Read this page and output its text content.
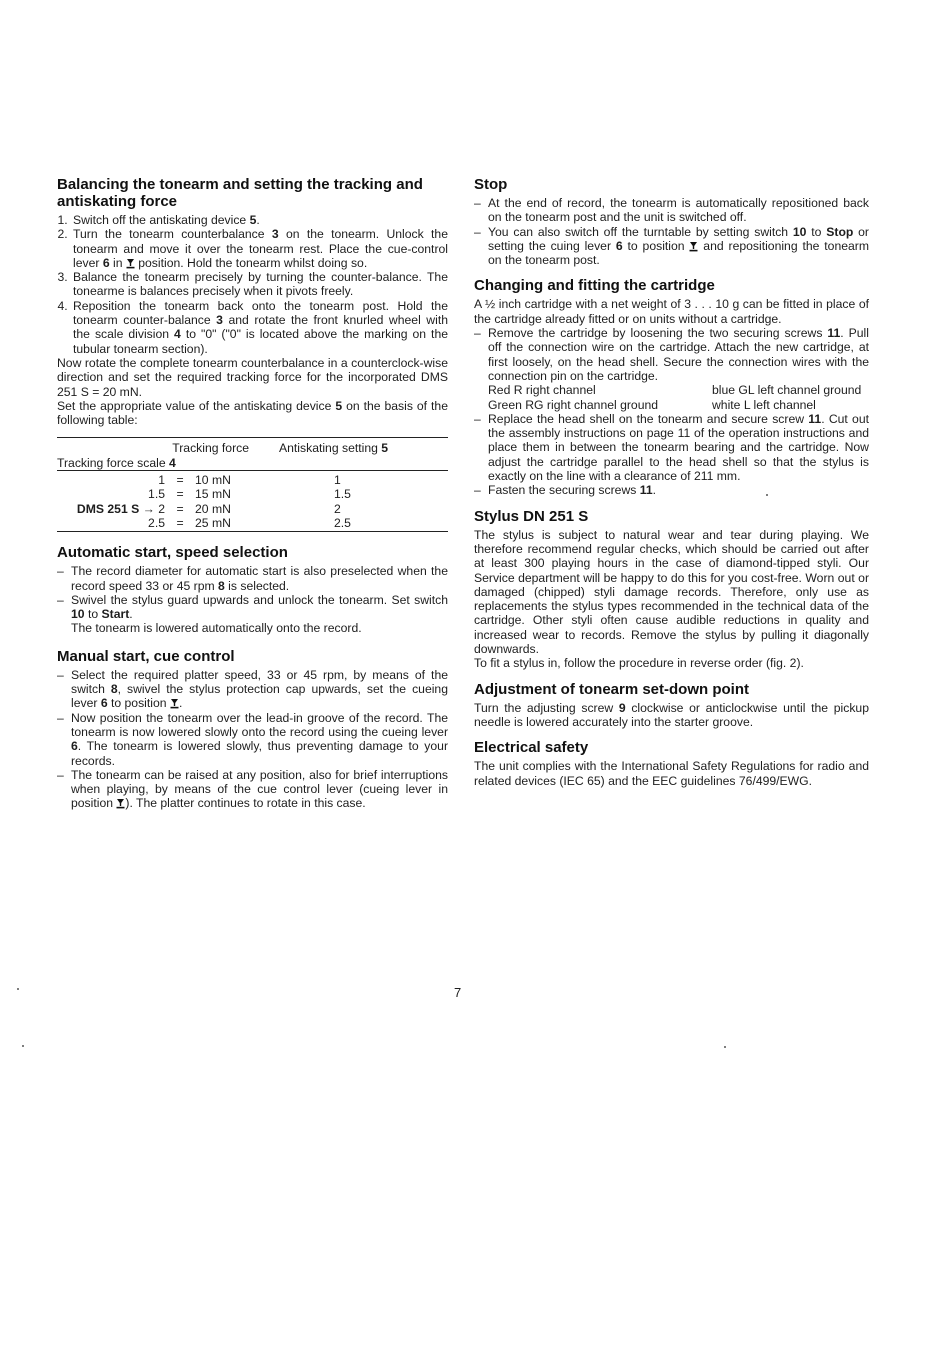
Balancing the tonearm and setting the tracking and antiskating force
1. Switch off the antiskating device 5.
2. Turn the tonearm counterbalance 3 on the tonearm. Unlock the tonearm and move it over the tonearm rest. Place the cue-control lever 6 in  position. Hold the tonearm whilst doing so.
3. Balance the tonearm precisely by turning the counter-balance. The tonearme is balances precisely when it pivots freely.
4. Reposition the tonearm back onto the tonearm post. Hold the tonearm counter-balance 3 and rotate the front knurled wheel with the scale division 4 to "0" ("0" is located above the marking on the tubular tonearm section).

Now rotate the complete tonearm counterbalance in a counterclock-wise direction and set the required tracking force for the incorporated DMS 251 S = 20 mN.

Set the appropriate value of the antiskating device 5 on the basis of the following table:

Tracking force			Antiskating setting 5
Tracking force scale 4			
1	=	10 mN	1
1.5	=	15 mN	1.5
DMS 251 S → 2	=	20 mN	2
2.5	=	25 mN	2.5
Automatic start, speed selection
– The record diameter for automatic start is also preselected when the record speed 33 or 45 rpm 8 is selected.
– Swivel the stylus guard upwards and unlock the tonearm. Set switch 10 to Start.
The tonearm is lowered automatically onto the record.
Manual start, cue control
– Select the required platter speed, 33 or 45 rpm, by means of the switch 8, swivel the stylus protection cap upwards, set the cueing lever 6 to position .
– Now position the tonearm over the lead-in groove of the record. The tonearm is now lowered slowly onto the record using the cueing lever 6. The tonearm is lowered slowly, thus preventing damage to your records.
– The tonearm can be raised at any position, also for brief interruptions when playing, by means of the cue control lever (cueing lever in position ). The platter continues to rotate in this case.
Stop
– At the end of record, the tonearm is automatically repositioned back on the tonearm post and the unit is switched off.
– You can also switch off the turntable by setting switch 10 to Stop or setting the cuing lever 6 to position  and repositioning the tonearm on the tonearm post.
Changing and fitting the cartridge

A ½ inch cartridge with a net weight of 3 . . . 10 g can be fitted in place of the cartridge already fitted or on units without a cartridge.

– Remove the cartridge by loosening the two securing screws 11. Pull off the connection wire on the cartridge. Attach the new cartridge, at first loosely, on the head shell. Secure the connection wires with the connection pin on the cartridge.
Red R right channel	blue GL left channel ground
Green RG right channel ground	white L left channel
– Replace the head shell on the tonearm and secure screw 11. Cut out the assembly instructions on page 11 of the operation instructions and place them in between the tonearm bearing and the cartridge. Now adjust the cartridge parallel to the head shell so that the stylus is exactly on the line with a clearance of 211 mm.
– Fasten the securing screws 11.
Stylus DN 251 S

The stylus is subject to natural wear and tear during playing. We therefore recommend regular checks, which should be carried out after at least 300 playing hours in the case of diamond-tipped styli. Our Service department will be happy to do this for you cost-free. Worn out or damaged (chipped) styli damage records. Therefore, only use as replacements the stylus types recommended in the technical data of the cartridge. Other styli often cause audible reductions in quality and increased wear to records. Remove the stylus by pulling it diagonally downwards.

To fit a stylus in, follow the procedure in reverse order (fig. 2).

Adjustment of tonearm set-down point

Turn the adjusting screw 9 clockwise or anticlockwise until the pickup needle is lowered accurately into the starter groove.

Electrical safety

The unit complies with the International Safety Regulations for radio and related devices (IEC 65) and the EEC guidelines 76/499/EWG.

7
